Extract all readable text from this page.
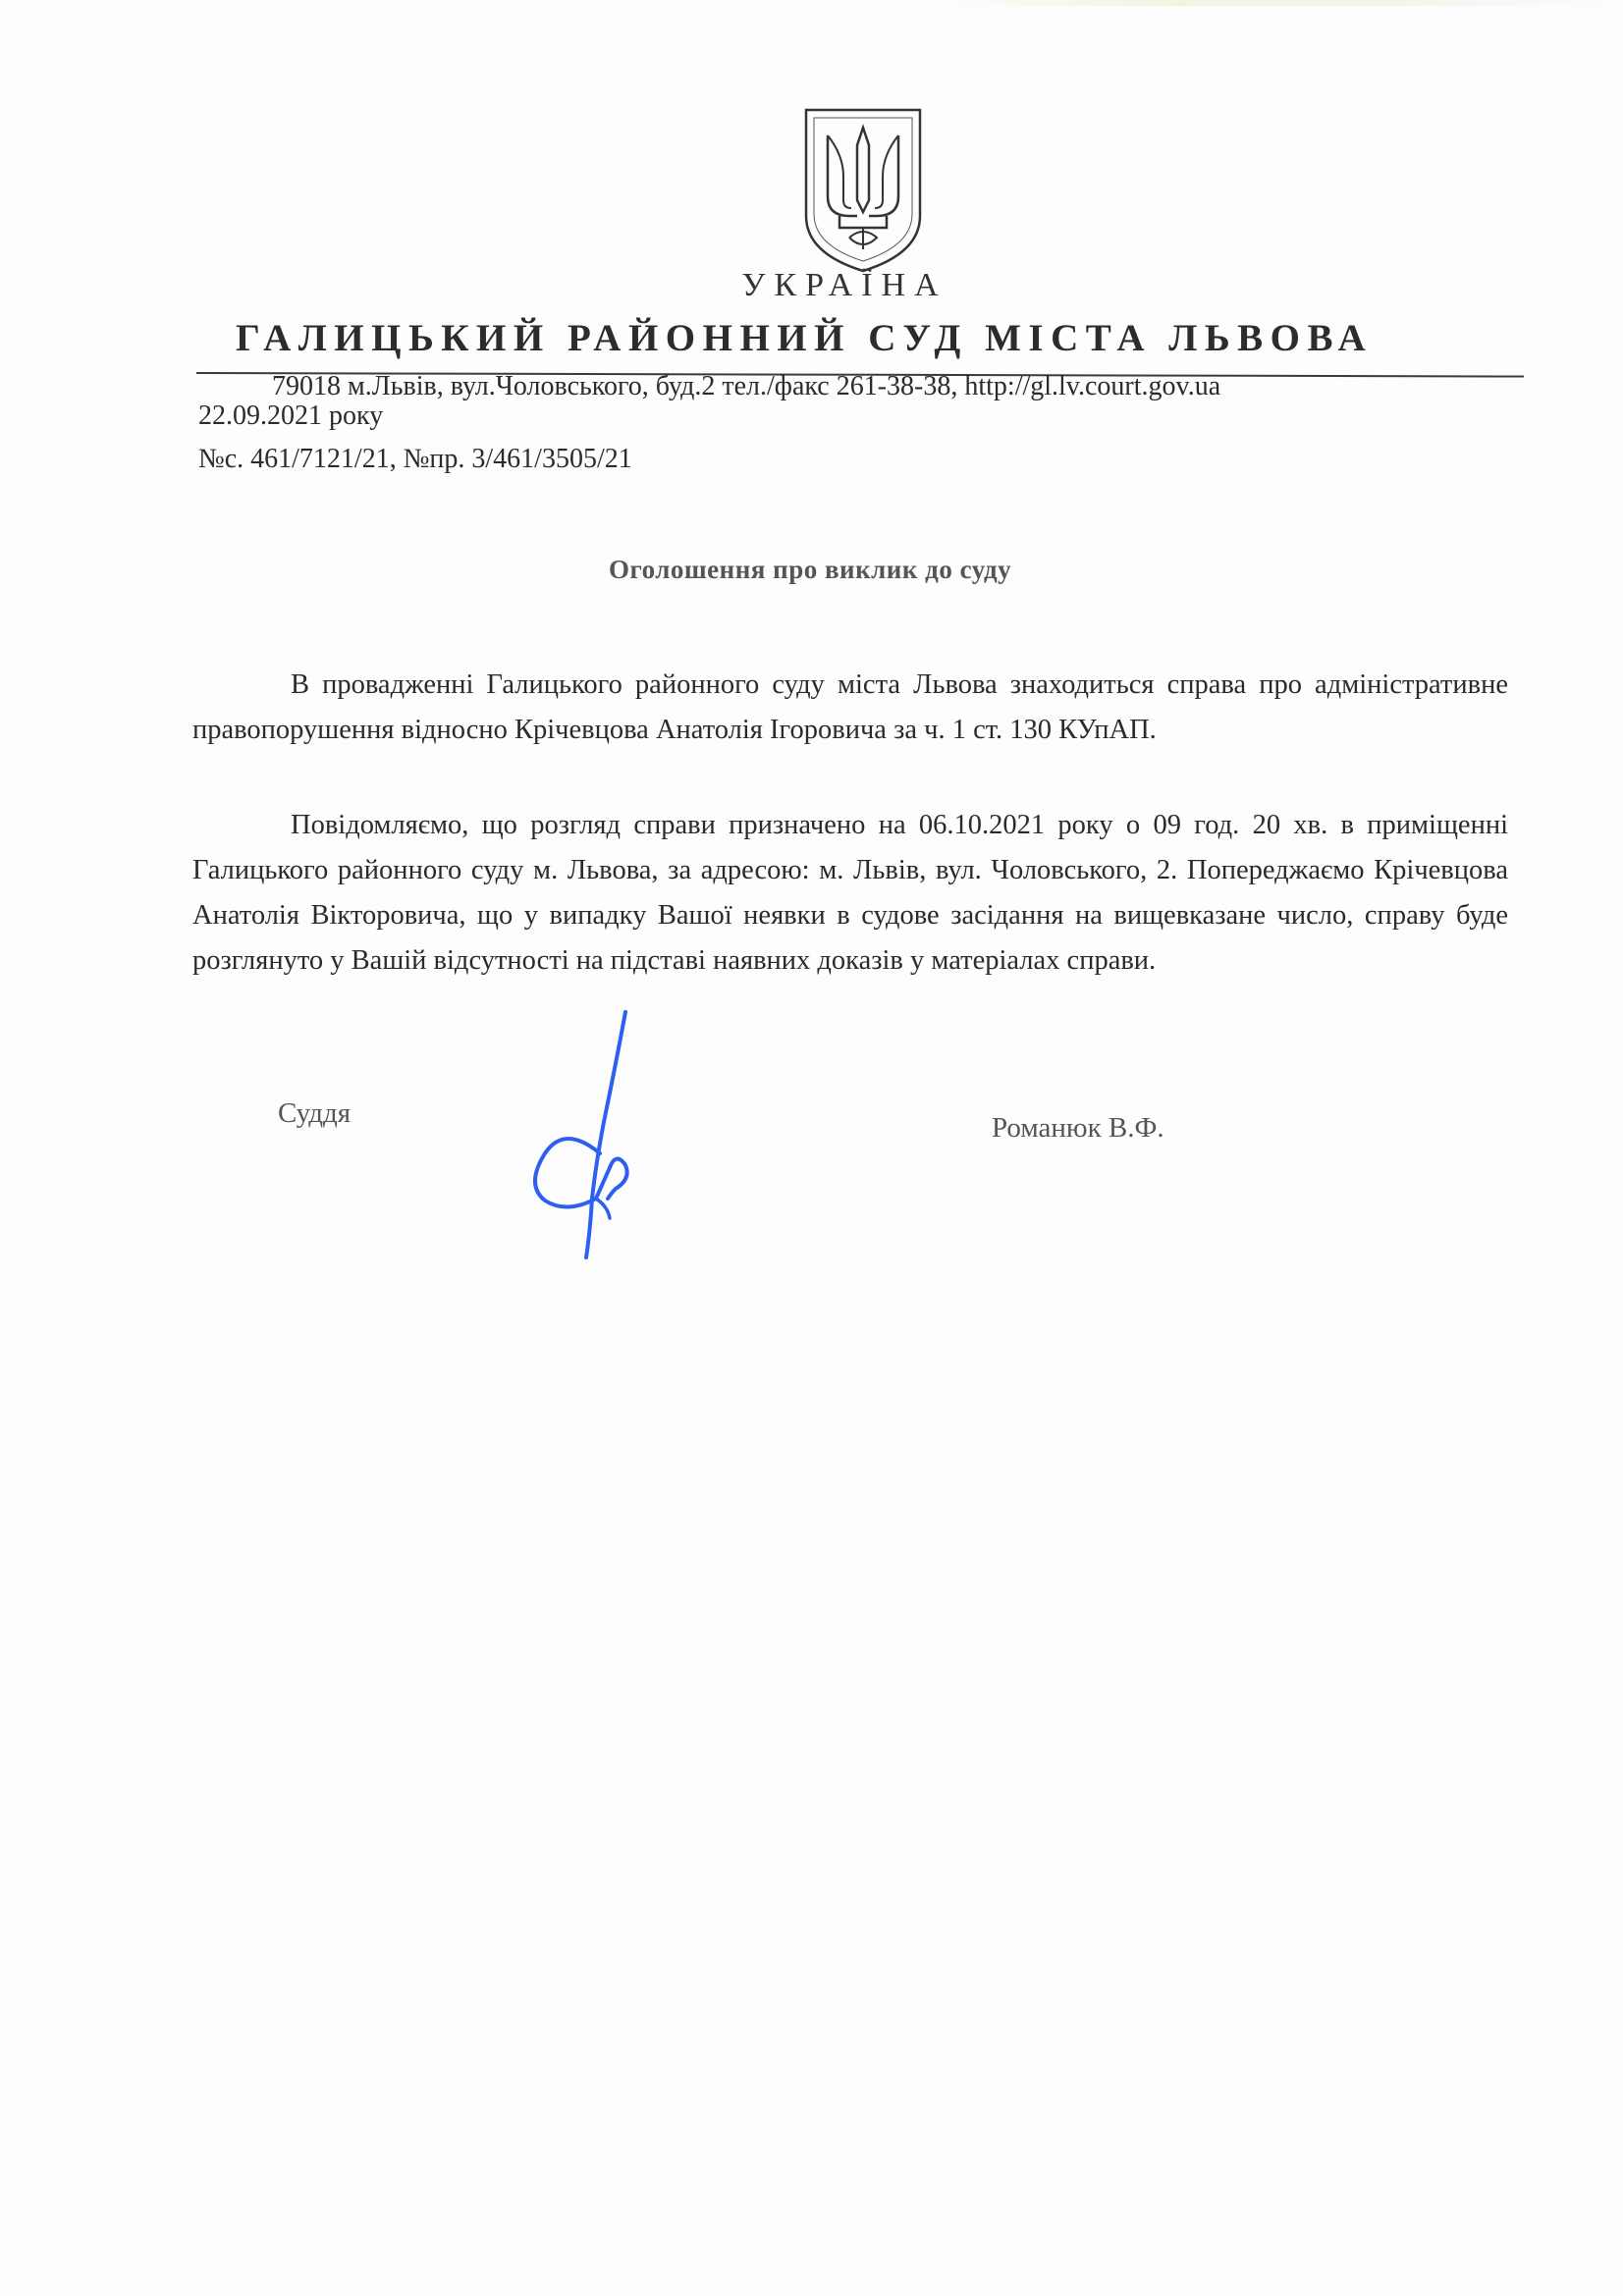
УКРАЇНА
ГАЛИЦЬКИЙ РАЙОННИЙ СУД МІСТА ЛЬВОВА
79018 м.Львів, вул.Чоловського, буд.2 тел./факс 261-38-38, http://gl.lv.court.gov.ua
22.09.2021 року
№с. 461/7121/21, №пр. 3/461/3505/21
Оголошення про виклик до суду
В провадженні Галицького районного суду міста Львова знаходиться справа про адміністративне правопорушення відносно Крічевцова Анатолія Ігоровича за ч. 1 ст. 130 КУпАП.
Повідомляємо, що розгляд справи призначено на 06.10.2021 року о 09 год. 20 хв. в приміщенні Галицького районного суду м. Львова, за адресою: м. Львів, вул. Чоловського, 2. Попереджаємо Крічевцова Анатолія Вікторовича, що у випадку Вашої неявки в судове засідання на вищевказане число, справу буде розглянуто у Вашій відсутності на підставі наявних доказів у матеріалах справи.
Суддя	Романюк В.Ф.
